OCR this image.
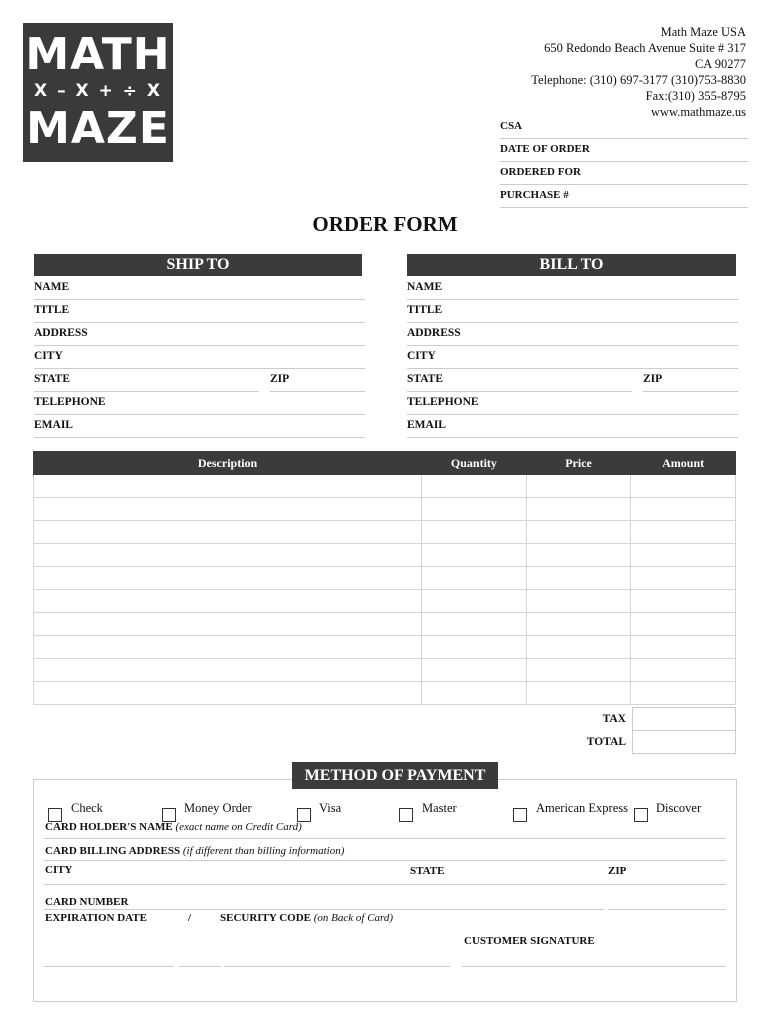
MATH
X – X + ÷ X
MAZE
Math Maze USA
650 Redondo Beach Avenue Suite # 317
CA 90277
Telephone: (310) 697-3177 (310)753-8830
Fax:(310) 355-8795
www.mathmaze.us
CSA
DATE OF ORDER
ORDERED FOR
PURCHASE #
ORDER FORM
SHIP TO
NAME
TITLE
ADDRESS
CITY
STATE	ZIP
TELEPHONE
EMAIL
BILL TO
NAME
TITLE
ADDRESS
CITY
STATE	ZIP
TELEPHONE
EMAIL
Description	Quantity	Price	Amount

TAX
TOTAL
METHOD OF PAYMENT
Check	Money Order	Visa	Master	American Express Discover
CARD HOLDER'S NAME (exact name on Credit Card)
CARD BILLING ADDRESS (if different than billing information)
CITY	STATE	ZIP
CARD NUMBER
EXPIRATION DATE	/	SECURITY CODE (on Back of Card)
CUSTOMER SIGNATURE
